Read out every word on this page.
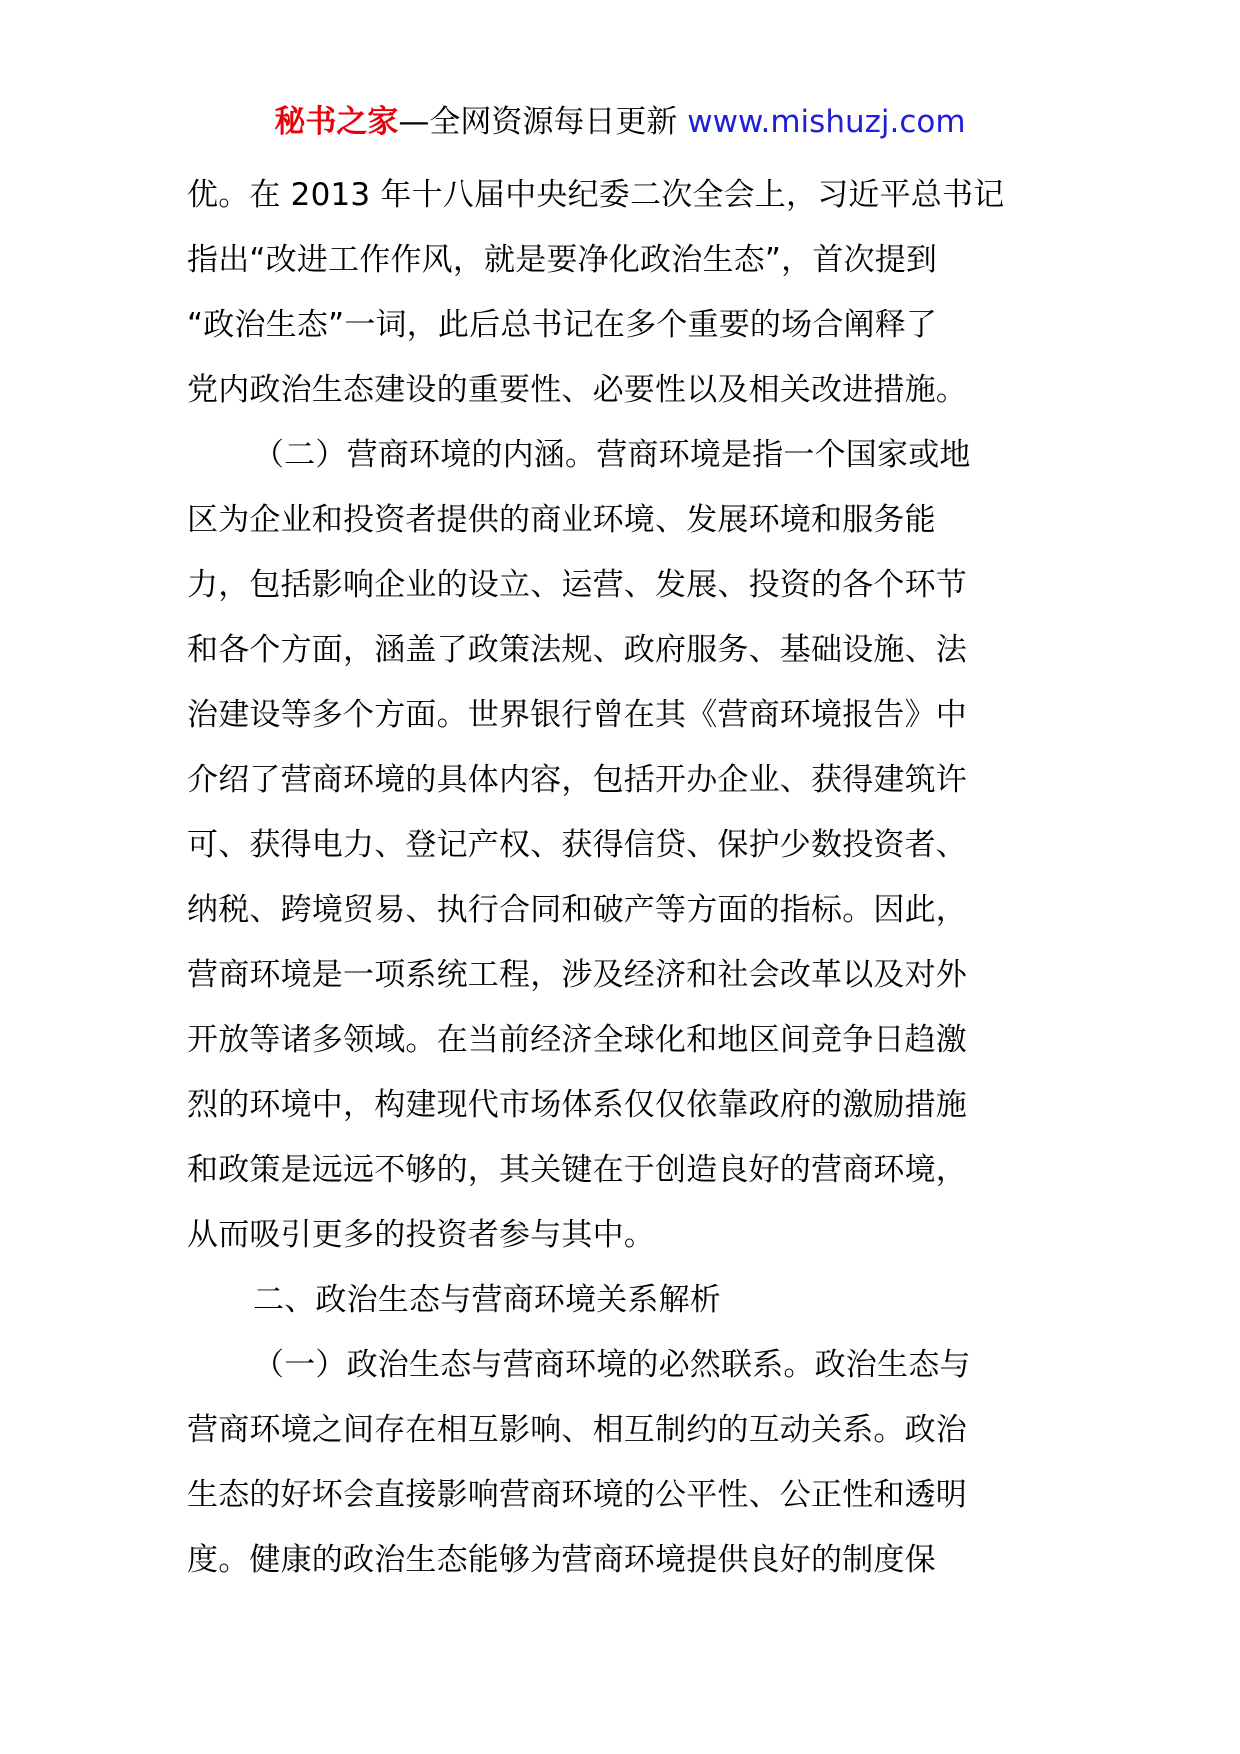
秘书之家—全网资源每日更新 www.mishuzj.com
优。在 2013 年十八届中央纪委二次全会上，习近平总书记
指出“改进工作作风，就是要净化政治生态”，首次提到
“政治生态”一词，此后总书记在多个重要的场合阐释了
党内政治生态建设的重要性、必要性以及相关改进措施。
（二）营商环境的内涵。营商环境是指一个国家或地
区为企业和投资者提供的商业环境、发展环境和服务能
力，包括影响企业的设立、运营、发展、投资的各个环节
和各个方面，涵盖了政策法规、政府服务、基础设施、法
治建设等多个方面。世界银行曾在其《营商环境报告》中
介绍了营商环境的具体内容，包括开办企业、获得建筑许
可、获得电力、登记产权、获得信贷、保护少数投资者、
纳税、跨境贸易、执行合同和破产等方面的指标。因此，
营商环境是一项系统工程，涉及经济和社会改革以及对外
开放等诸多领域。在当前经济全球化和地区间竞争日趋激
烈的环境中，构建现代市场体系仅仅依靠政府的激励措施
和政策是远远不够的，其关键在于创造良好的营商环境，
从而吸引更多的投资者参与其中。
二、政治生态与营商环境关系解析
（一）政治生态与营商环境的必然联系。政治生态与
营商环境之间存在相互影响、相互制约的互动关系。政治
生态的好坏会直接影响营商环境的公平性、公正性和透明
度。健康的政治生态能够为营商环境提供良好的制度保
